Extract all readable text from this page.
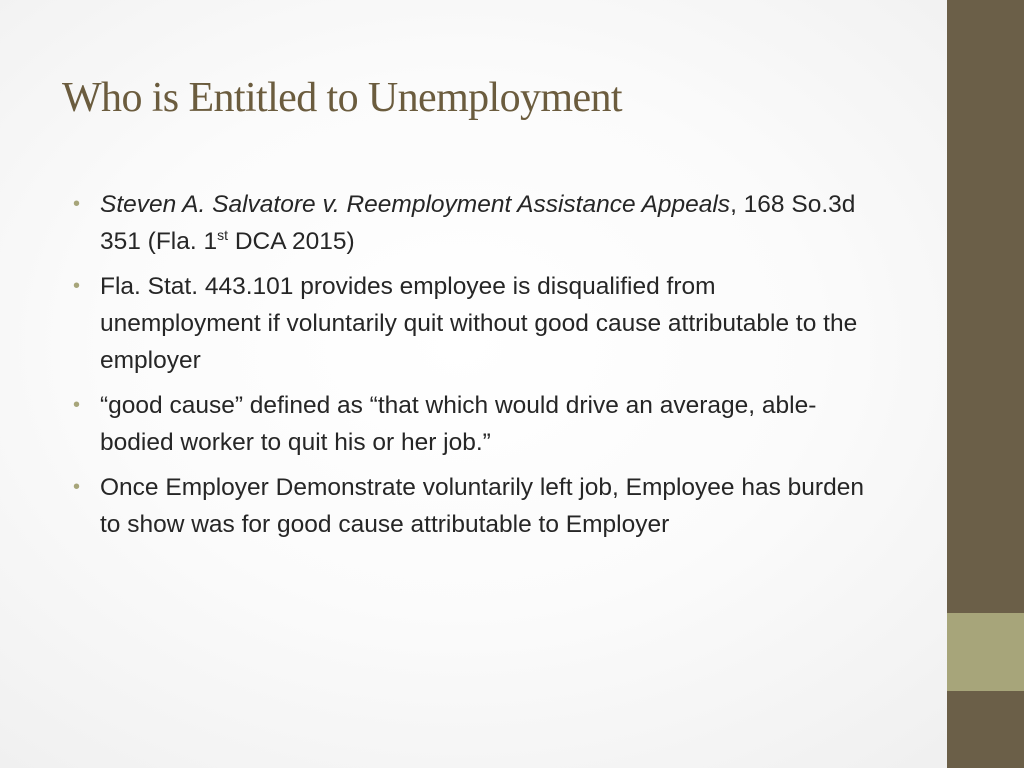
Who is Entitled to Unemployment
• Steven A. Salvatore v. Reemployment Assistance Appeals, 168 So.3d 351 (Fla. 1st DCA 2015)
• Fla. Stat. 443.101 provides employee is disqualified from unemployment if voluntarily quit without good cause attributable to the employer
• “good cause” defined as “that which would drive an average, able-bodied worker to quit his or her job.”
• Once Employer Demonstrate voluntarily left job, Employee has burden to show was for good cause attributable to Employer
